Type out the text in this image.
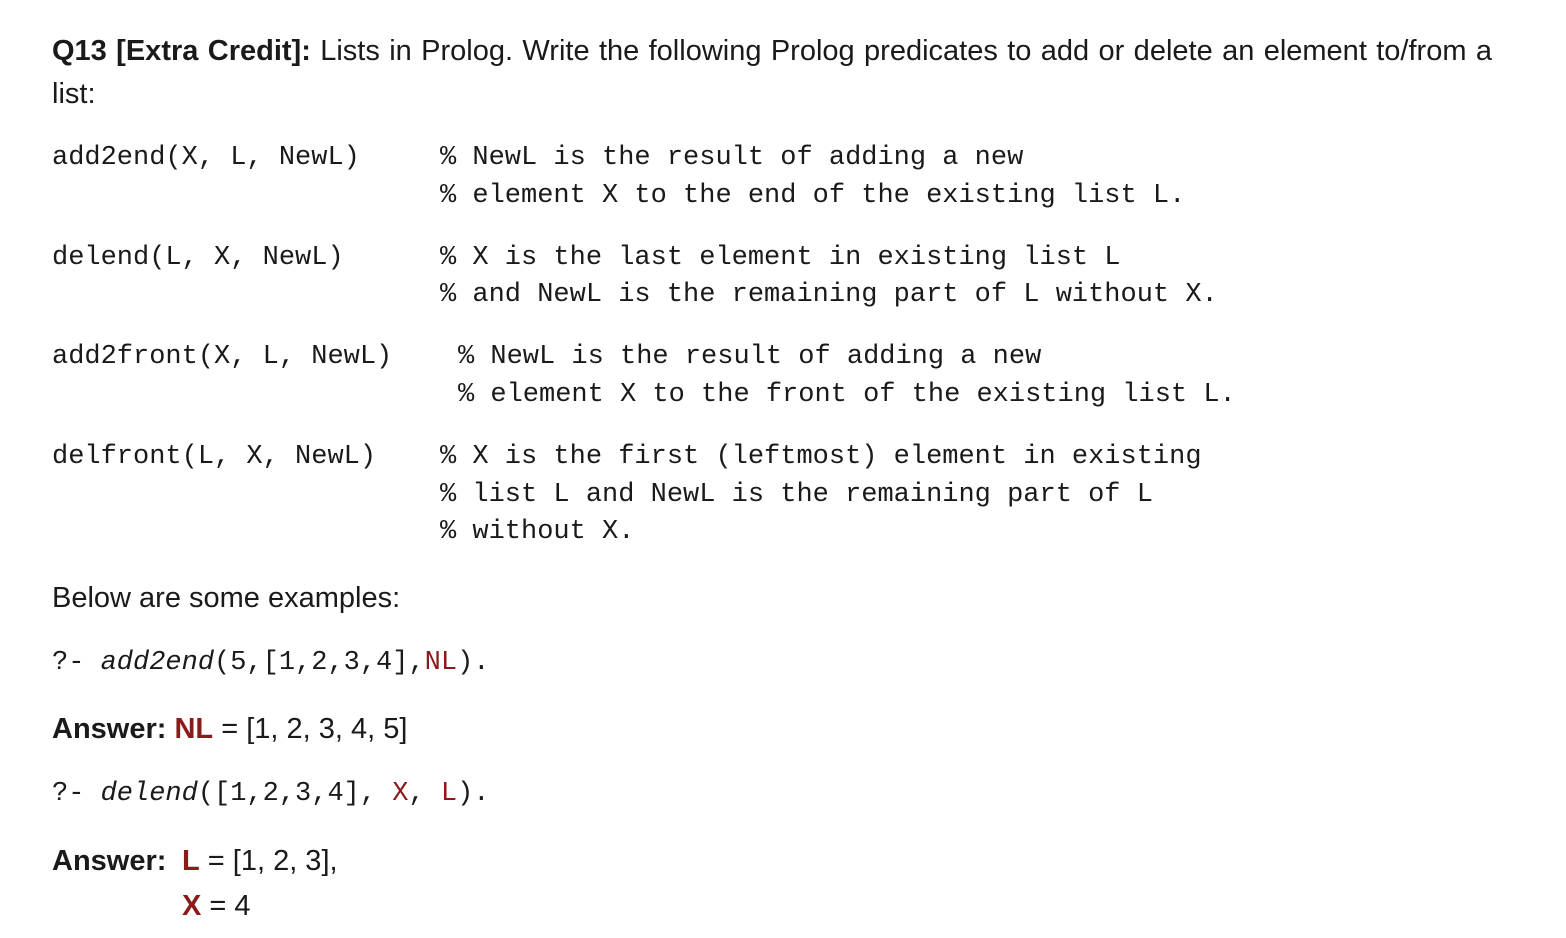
Q13 [Extra Credit]: Lists in Prolog. Write the following Prolog predicates to add or delete an element to/from a list:
add2end(X, L, NewL)	% NewL is the result of adding a new
% element X to the end of the existing list L.
delend(L, X, NewL)	% X is the last element in existing list L
% and NewL is the remaining part of L without X.
add2front(X, L, NewL) % NewL is the result of adding a new
% element X to the front of the existing list L.
delfront(L, X, NewL) % X is the first (leftmost) element in existing
% list L and NewL is the remaining part of L
% without X.
Below are some examples:
?- add2end(5,[1,2,3,4],NL).
Answer: NL = [1, 2, 3, 4, 5]
?- delend([1,2,3,4], X, L).
Answer: L = [1, 2, 3],
X = 4
